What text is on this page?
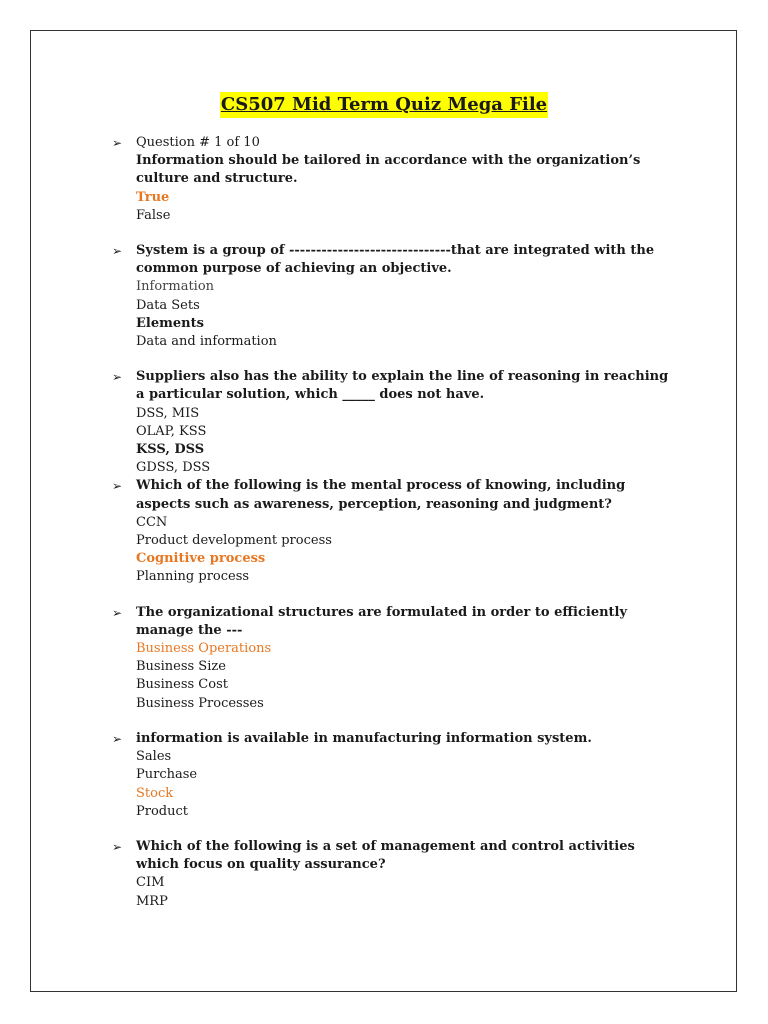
CS507 Mid Term Quiz Mega File
➢	Question # 1 of 10
Information should be tailored in accordance with the organization’s culture and structure.
True
False
➢	System is a group of ------------------------------that are integrated with the common purpose of achieving an objective.
Information
Data Sets
Elements
Data and information
➢	Suppliers also has the ability to explain the line of reasoning in reaching a particular solution, which _____ does not have.
DSS, MIS
OLAP, KSS
KSS, DSS
GDSS, DSS
➢	Which of the following is the mental process of knowing, including aspects such as awareness, perception, reasoning and judgment?
CCN
Product development process
Cognitive process
Planning process
➢	The organizational structures are formulated in order to efficiently manage the ---
Business Operations
Business Size
Business Cost
Business Processes
➢	information is available in manufacturing information system.
Sales
Purchase
Stock
Product
➢	Which of the following is a set of management and control activities which focus on quality assurance?
CIM
MRP
